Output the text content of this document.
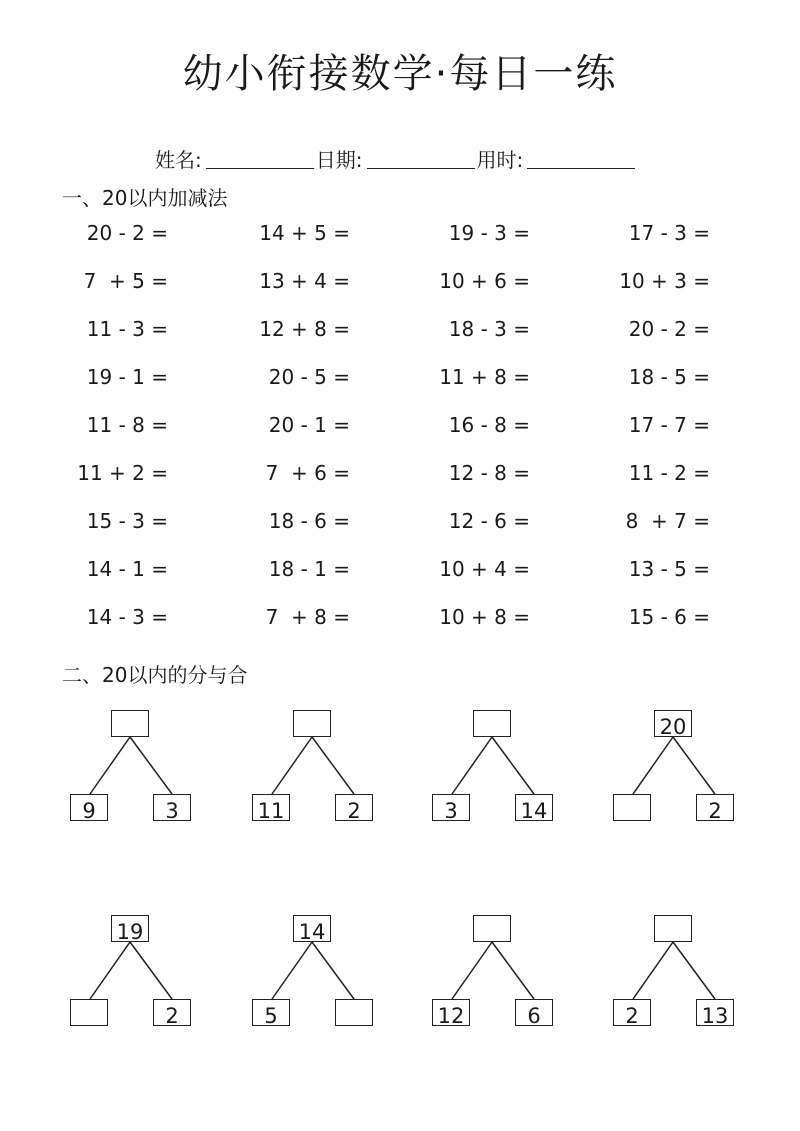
幼小衔接数学·每日一练
姓名:	日期:	用时:
一、20以内加减法
20 - 2 =	14 + 5 =	19 - 3 =	17 - 3 =
7  + 5 =	13 + 4 =	10 + 6 =	10 + 3 =
11 - 3 =	12 + 8 =	18 - 3 =	20 - 2 =
19 - 1 =	20 - 5 =	11 + 8 =	18 - 5 =
11 - 8 =	20 - 1 =	16 - 8 =	17 - 7 =
11 + 2 =	7  + 6 =	12 - 8 =	11 - 2 =
15 - 3 =	18 - 6 =	12 - 6 =	8  + 7 =
14 - 1 =	18 - 1 =	10 + 4 =	13 - 5 =
14 - 3 =	7  + 8 =	10 + 8 =	15 - 6 =
二、20以内的分与合
9	3	11	2	3	14
20
2
19
2
14
5	12	6	2	13
